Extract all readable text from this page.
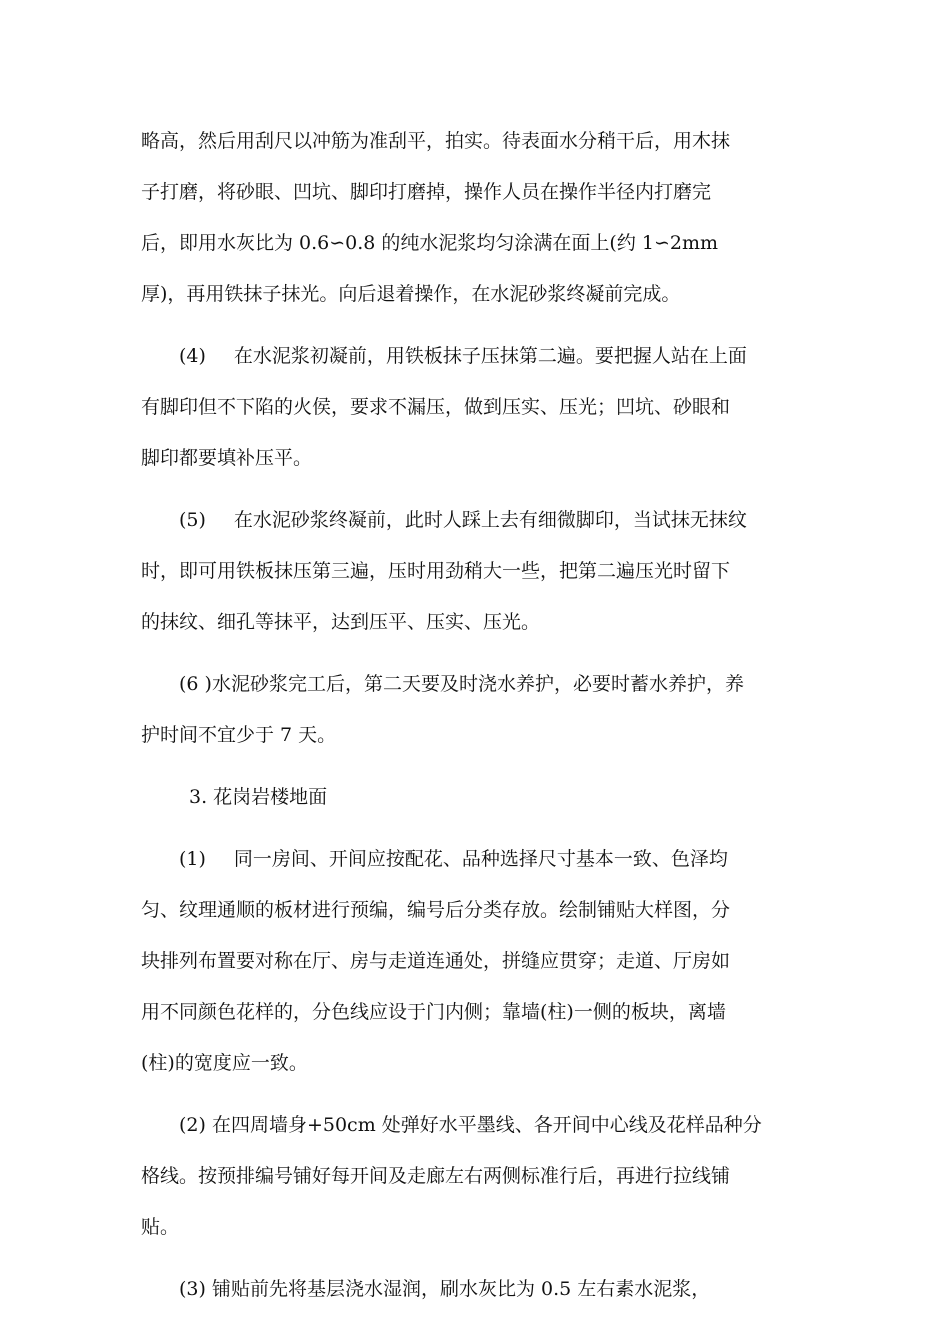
略高，然后用刮尺以冲筋为准刮平，拍实。待表面水分稍干后，用木抹
子打磨，将砂眼、凹坑、脚印打磨掉，操作人员在操作半径内打磨完
后，即用水灰比为 0.6∽0.8 的纯水泥浆均匀涂满在面上(约 1∽2mm
厚)，再用铁抹子抹光。向后退着操作，在水泥砂浆终凝前完成。
(4) 在水泥浆初凝前，用铁板抹子压抹第二遍。要把握人站在上面
有脚印但不下陷的火侯，要求不漏压，做到压实、压光；凹坑、砂眼和
脚印都要填补压平。
(5) 在水泥砂浆终凝前，此时人踩上去有细微脚印，当试抹无抹纹
时，即可用铁板抹压第三遍，压时用劲稍大一些，把第二遍压光时留下
的抹纹、细孔等抹平，达到压平、压实、压光。
(6 )水泥砂浆完工后，第二天要及时浇水养护，必要时蓄水养护，养
护时间不宜少于 7 天。
3. 花岗岩楼地面
(1) 同一房间、开间应按配花、品种选择尺寸基本一致、色泽均
匀、纹理通顺的板材进行预编，编号后分类存放。绘制铺贴大样图，分
块排列布置要对称在厅、房与走道连通处，拼缝应贯穿；走道、厅房如
用不同颜色花样的，分色线应设于门内侧；靠墙(柱)一侧的板块，离墙
(柱)的宽度应一致。
(2) 在四周墙身+50cm 处弹好水平墨线、各开间中心线及花样品种分
格线。按预排编号铺好每开间及走廊左右两侧标准行后，再进行拉线铺
贴。
(3) 铺贴前先将基层浇水湿润，刷水灰比为 0.5 左右素水泥浆，
